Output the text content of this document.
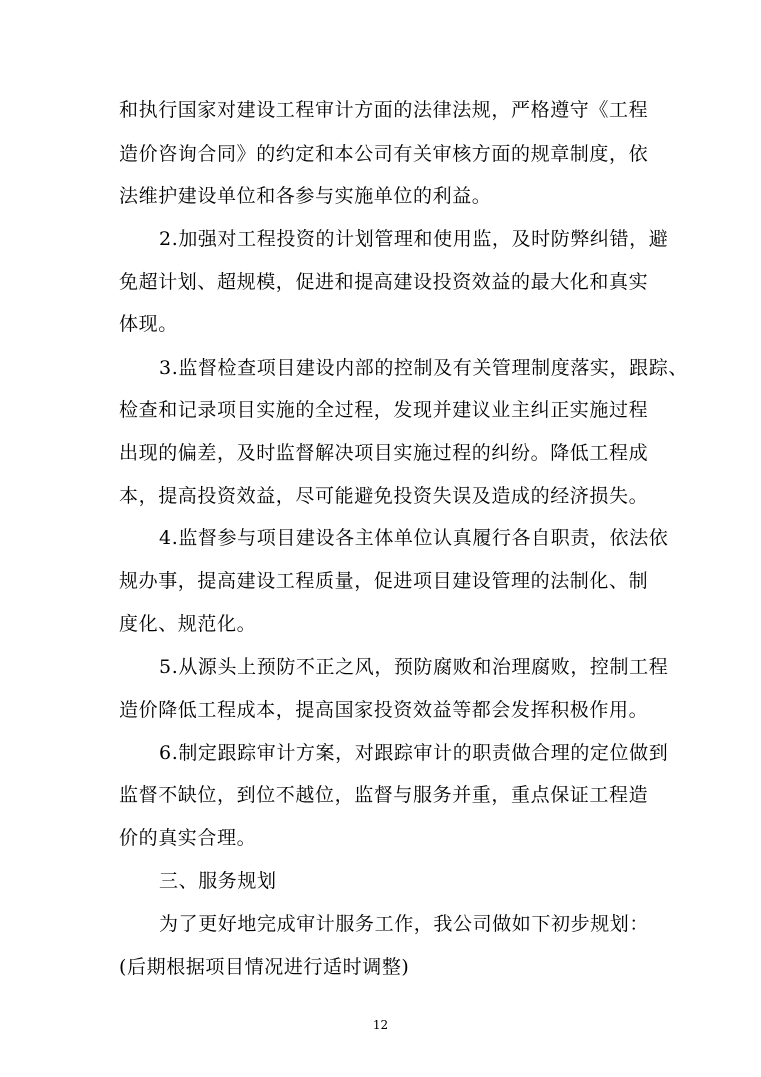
和执行国家对建设工程审计方面的法律法规，严格遵守《工程
造价咨询合同》的约定和本公司有关审核方面的规章制度，依
法维护建设单位和各参与实施单位的利益。
2.加强对工程投资的计划管理和使用监，及时防弊纠错，避
免超计划、超规模，促进和提高建设投资效益的最大化和真实
体现。
3.监督检查项目建设内部的控制及有关管理制度落实，跟踪、
检查和记录项目实施的全过程，发现并建议业主纠正实施过程
出现的偏差，及时监督解决项目实施过程的纠纷。降低工程成
本，提高投资效益，尽可能避免投资失误及造成的经济损失。
4.监督参与项目建设各主体单位认真履行各自职责，依法依
规办事，提高建设工程质量，促进项目建设管理的法制化、制
度化、规范化。
5.从源头上预防不正之风，预防腐败和治理腐败，控制工程
造价降低工程成本，提高国家投资效益等都会发挥积极作用。
6.制定跟踪审计方案，对跟踪审计的职责做合理的定位做到
监督不缺位，到位不越位，监督与服务并重，重点保证工程造
价的真实合理。
三、服务规划
为了更好地完成审计服务工作，我公司做如下初步规划：
(后期根据项目情况进行适时调整)
12
